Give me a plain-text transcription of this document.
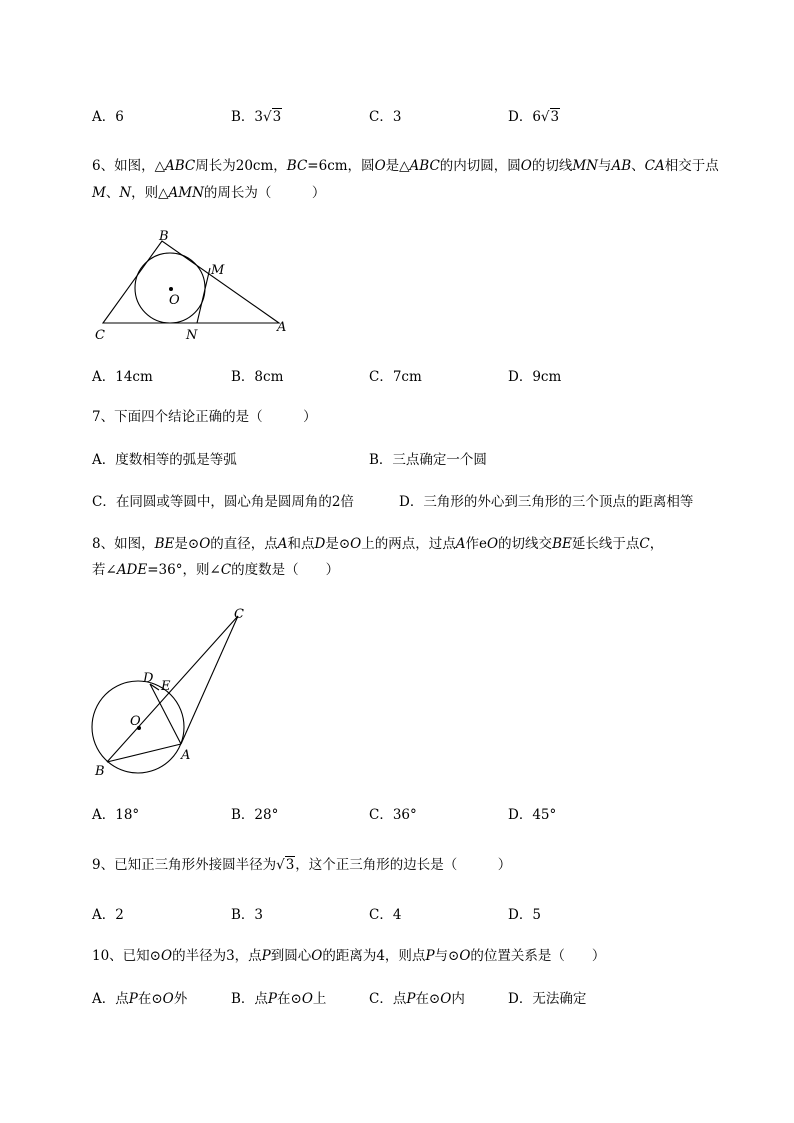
A．6	B．3√3	C．3	D．6√3
6、如图，△ABC周长为20cm，BC=6cm，圆O是△ABC的内切圆，圆O的切线MN与AB、CA相交于点
M、N，则△AMN的周长为（　　　）
B
M
O
C	N
A
A．14cm	B．8cm	C．7cm	D．9cm
7、下面四个结论正确的是（　　　）
A．度数相等的弧是等弧	B．三点确定一个圆
C．在同圆或等圆中，圆心角是圆周角的2倍	D．三角形的外心到三角形的三个顶点的距离相等
8、如图，BE是⊙O的直径，点A和点D是⊙O上的两点，过点A作eO的切线交BE延长线于点C，
若∠ADE=36°，则∠C的度数是（　　）
C
D
E
O
A
B
A．18°	B．28°	C．36°	D．45°
9、已知正三角形外接圆半径为√3，这个正三角形的边长是（　　　）
A．2	B．3	C．4	D．5
10、已知⊙O的半径为3，点P到圆心O的距离为4，则点P与⊙O的位置关系是（　　）
A．点P在⊙O外	B．点P在⊙O上	C．点P在⊙O内	D．无法确定
